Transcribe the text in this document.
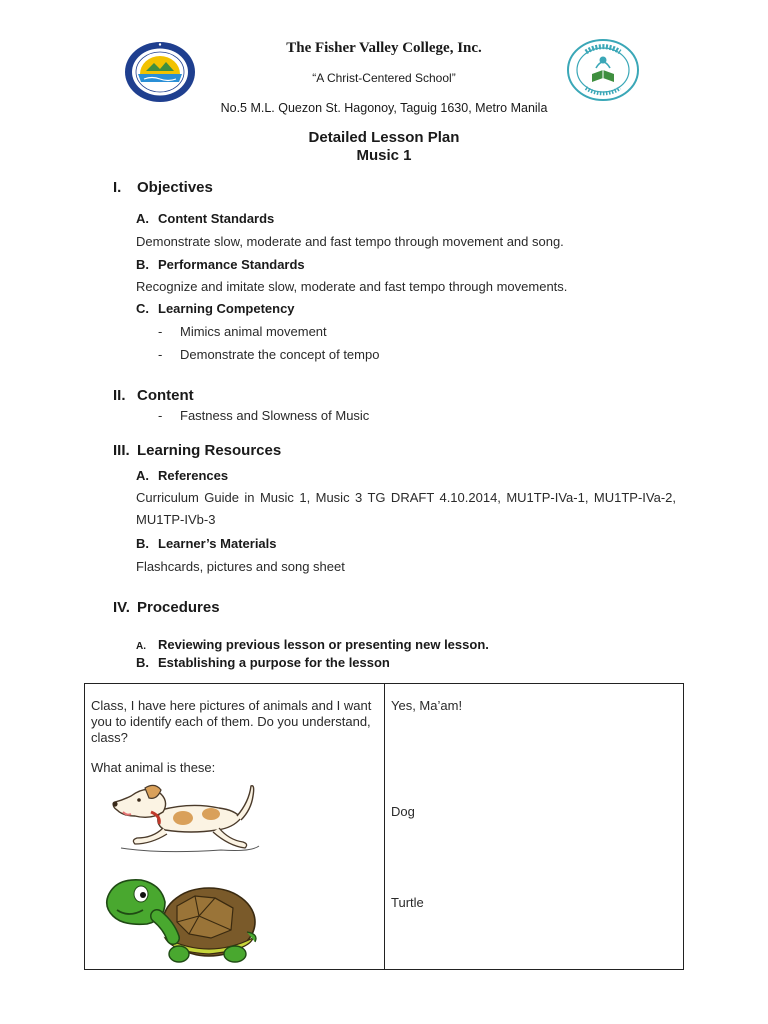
The Fisher Valley College, Inc.
“A Christ-Centered School”
No.5 M.L. Quezon St. Hagonoy, Taguig 1630, Metro Manila
Detailed Lesson Plan
Music 1
I. Objectives
A. Content Standards
Demonstrate slow, moderate and fast tempo through movement and song.
B. Performance Standards
Recognize and imitate slow, moderate and fast tempo through movements.
C. Learning Competency
- Mimics animal movement
- Demonstrate the concept of tempo
II. Content
- Fastness and Slowness of Music
III. Learning Resources
A. References
Curriculum Guide in Music 1, Music 3 TG DRAFT 4.10.2014, MU1TP-IVa-1, MU1TP-IVa-2, MU1TP-IVb-3
B. Learner’s Materials
Flashcards, pictures and song sheet
IV. Procedures
A. Reviewing previous lesson or presenting new lesson.
B. Establishing a purpose for the lesson
Class, I have here pictures of animals and I want you to identify each of them. Do you understand, class?
What animal is these:
Yes, Ma’am!
Dog
Turtle
